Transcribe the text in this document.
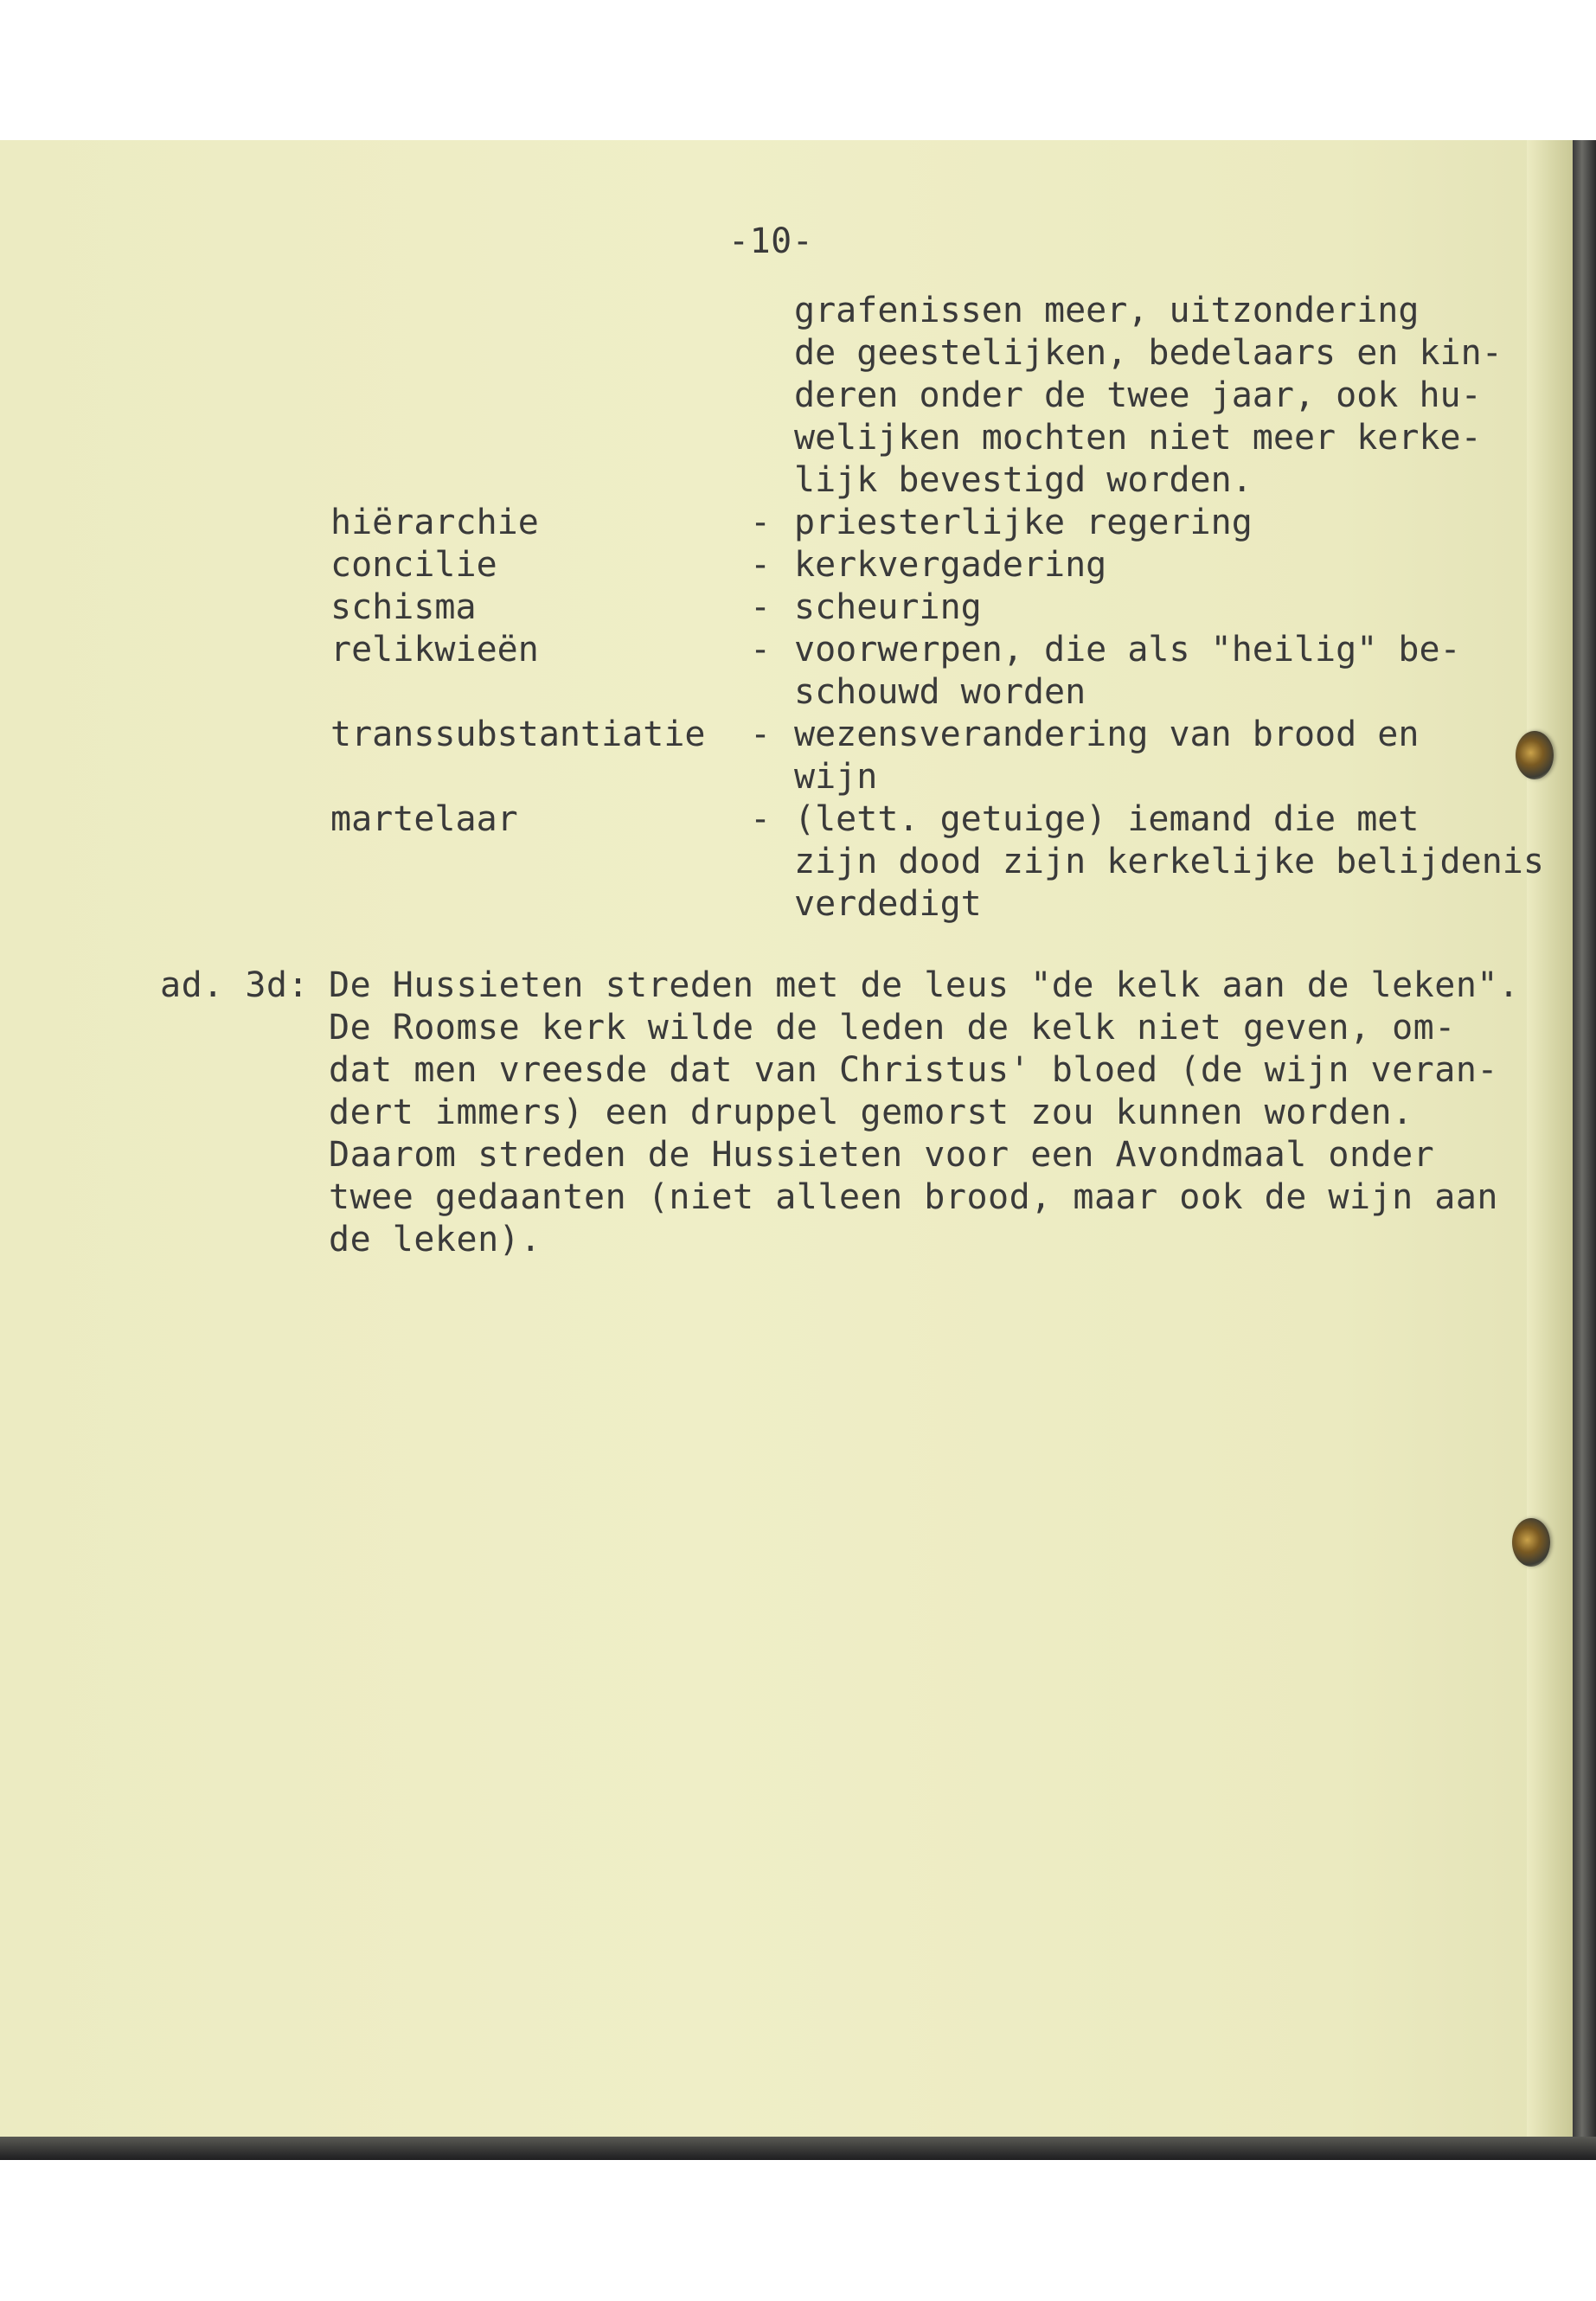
-10-
grafenissen meer, uitzondering
de geestelijken, bedelaars en kin-
deren onder de twee jaar, ook hu-
welijken mochten niet meer kerke-
lijk bevestigd worden.
hiërarchie	- priesterlijke regering
concilie	- kerkvergadering
schisma	- scheuring
relikwieën	- voorwerpen, die als "heilig" be-
schouwd worden
transsubstantiatie - wezensverandering van brood en
wijn
martelaar	- (lett. getuige) iemand die met
zijn dood zijn kerkelijke belijdenis
verdedigt
ad. 3d: De Hussieten streden met de leus "de kelk aan de leken".
De Roomse kerk wilde de leden de kelk niet geven, om-
dat men vreesde dat van Christus' bloed (de wijn veran-
dert immers) een druppel gemorst zou kunnen worden.
Daarom streden de Hussieten voor een Avondmaal onder
twee gedaanten (niet alleen brood, maar ook de wijn aan
de leken).
